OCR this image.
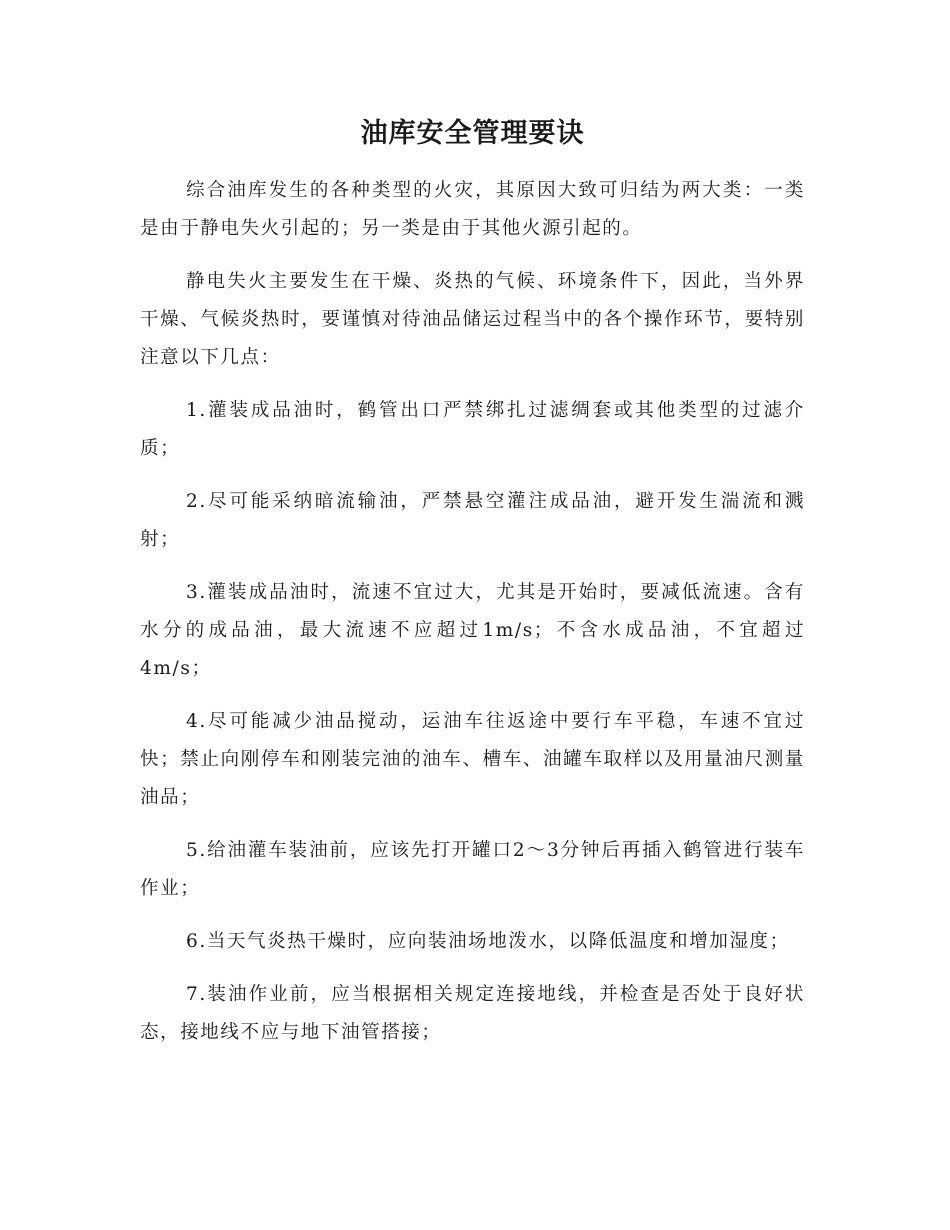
油库安全管理要诀

综合油库发生的各种类型的火灾，其原因大致可归结为两大类：一类是由于静电失火引起的；另一类是由于其他火源引起的。

静电失火主要发生在干燥、炎热的气候、环境条件下，因此，当外界干燥、气候炎热时，要谨慎对待油品储运过程当中的各个操作环节，要特别注意以下几点：

1.灌装成品油时，鹤管出口严禁绑扎过滤绸套或其他类型的过滤介质；

2.尽可能采纳暗流输油，严禁悬空灌注成品油，避开发生湍流和溅射；

3.灌装成品油时，流速不宜过大，尤其是开始时，要减低流速。含有水分的成品油，最大流速不应超过1m/s；不含水成品油，不宜超过4m/s；

4.尽可能减少油品搅动，运油车往返途中要行车平稳，车速不宜过快；禁止向刚停车和刚装完油的油车、槽车、油罐车取样以及用量油尺测量油品；

5.给油灌车装油前，应该先打开罐口2～3分钟后再插入鹤管进行装车作业；

6.当天气炎热干燥时，应向装油场地泼水，以降低温度和增加湿度；

7.装油作业前，应当根据相关规定连接地线，并检查是否处于良好状态，接地线不应与地下油管搭接；
